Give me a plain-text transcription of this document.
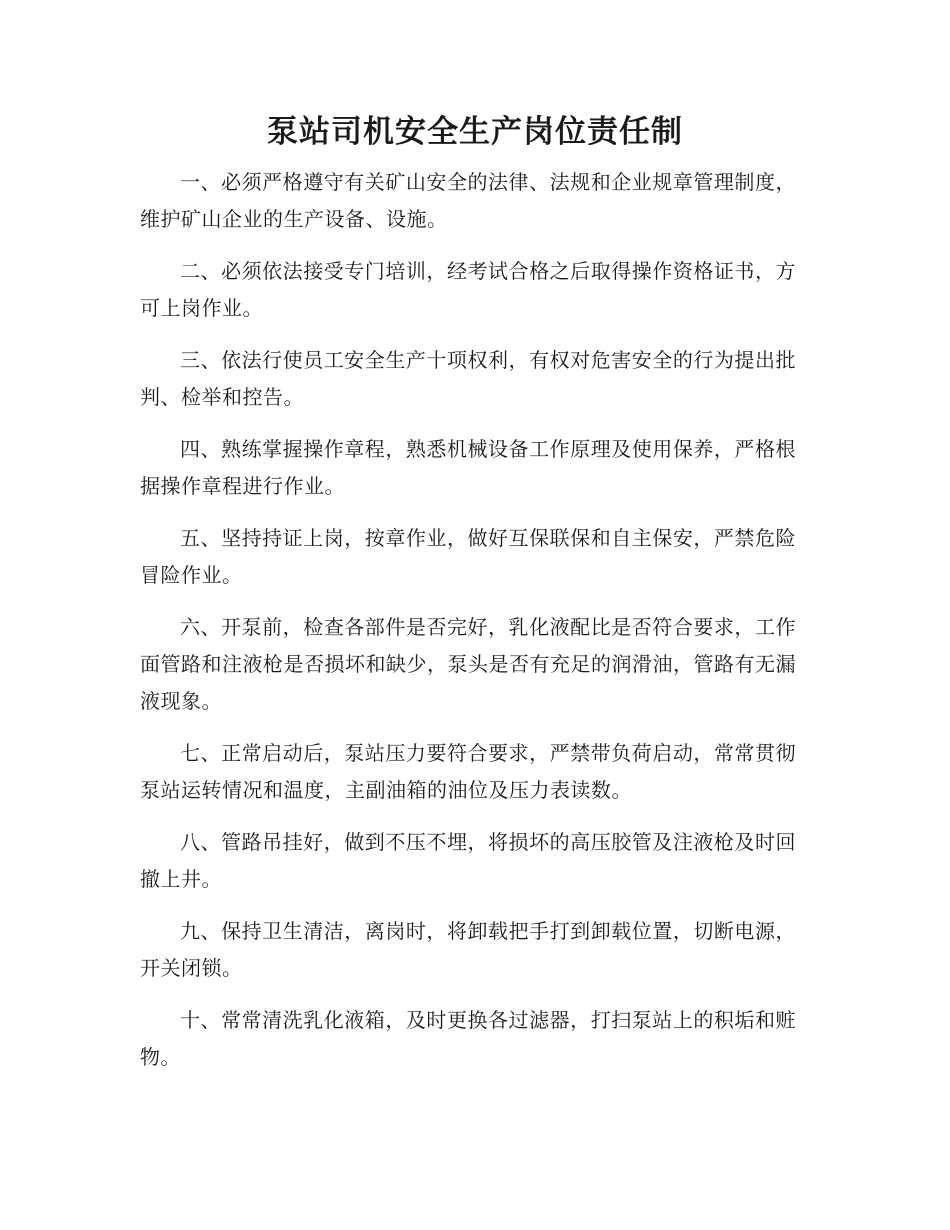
泵站司机安全生产岗位责任制

一、必须严格遵守有关矿山安全的法律、法规和企业规章管理制度，维护矿山企业的生产设备、设施。

二、必须依法接受专门培训，经考试合格之后取得操作资格证书，方可上岗作业。

三、依法行使员工安全生产十项权利，有权对危害安全的行为提出批判、检举和控告。

四、熟练掌握操作章程，熟悉机械设备工作原理及使用保养，严格根据操作章程进行作业。

五、坚持持证上岗，按章作业，做好互保联保和自主保安，严禁危险冒险作业。

六、开泵前，检查各部件是否完好，乳化液配比是否符合要求，工作面管路和注液枪是否损坏和缺少，泵头是否有充足的润滑油，管路有无漏液现象。

七、正常启动后，泵站压力要符合要求，严禁带负荷启动，常常贯彻泵站运转情况和温度，主副油箱的油位及压力表读数。

八、管路吊挂好，做到不压不埋，将损坏的高压胶管及注液枪及时回撤上井。

九、保持卫生清洁，离岗时，将卸载把手打到卸载位置，切断电源，开关闭锁。

十、常常清洗乳化液箱，及时更换各过滤器，打扫泵站上的积垢和赃物。
